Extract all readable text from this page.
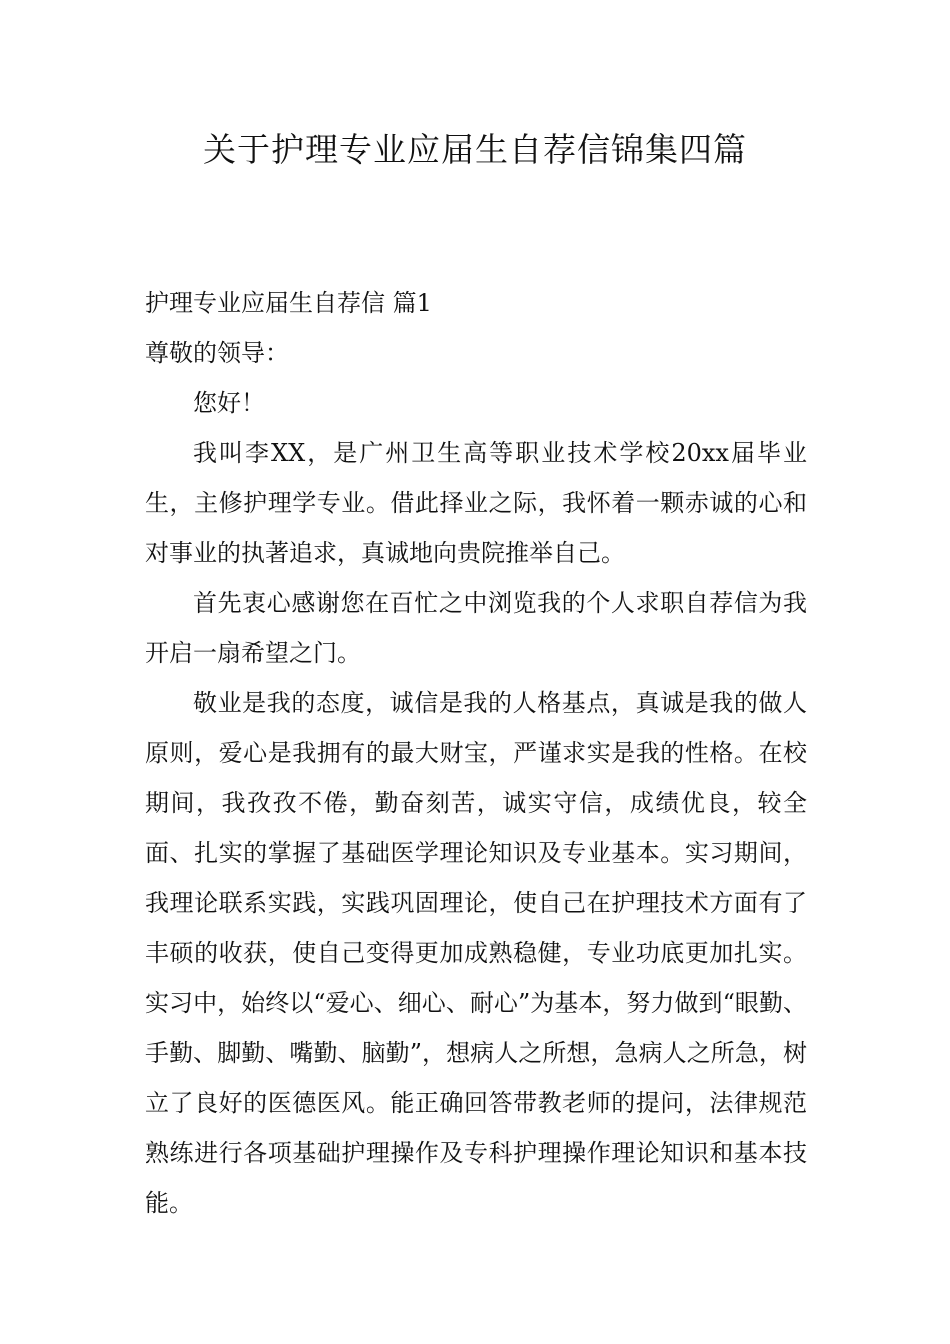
关于护理专业应届生自荐信锦集四篇
护理专业应届生自荐信 篇1

尊敬的领导：

您好！

我叫李XX，是广州卫生高等职业技术学校20xx届毕业生，主修护理学专业。借此择业之际，我怀着一颗赤诚的心和对事业的执著追求，真诚地向贵院推举自己。

首先衷心感谢您在百忙之中浏览我的个人求职自荐信为我开启一扇希望之门。

敬业是我的态度，诚信是我的人格基点，真诚是我的做人原则，爱心是我拥有的最大财宝，严谨求实是我的性格。在校期间，我孜孜不倦，勤奋刻苦，诚实守信，成绩优良，较全面、扎实的掌握了基础医学理论知识及专业基本。实习期间，我理论联系实践，实践巩固理论，使自己在护理技术方面有了丰硕的收获，使自己变得更加成熟稳健，专业功底更加扎实。实习中，始终以“爱心、细心、耐心”为基本，努力做到“眼勤、手勤、脚勤、嘴勤、脑勤”，想病人之所想，急病人之所急，树立了良好的医德医风。能正确回答带教老师的提问，法律规范熟练进行各项基础护理操作及专科护理操作理论知识和基本技能。
